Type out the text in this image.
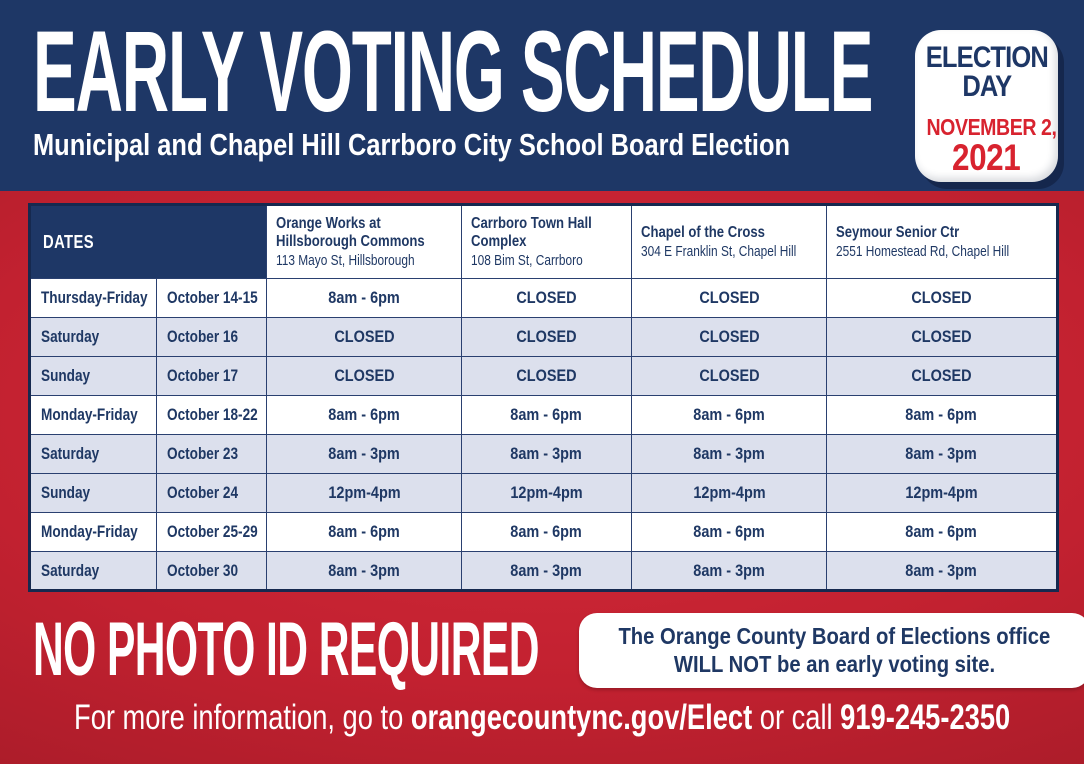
EARLY VOTING SCHEDULE
Municipal and Chapel Hill Carrboro City School Board Election
ELECTION
DAY
NOVEMBER 2,
2021
DATES	
Orange Works at Hillsborough Commons
113 Mayo St, Hillsborough

Carrboro Town Hall Complex
108 Bim St, Carrboro

Chapel of the Cross
304 E Franklin St, Chapel Hill

Seymour Senior Ctr
2551 Homestead Rd, Chapel Hill

Thursday-Friday	October 14-15	8am - 6pm	CLOSED	CLOSED	CLOSED
Saturday	October 16	CLOSED	CLOSED	CLOSED	CLOSED
Sunday	October 17	CLOSED	CLOSED	CLOSED	CLOSED
Monday-Friday	October 18-22	8am - 6pm	8am - 6pm	8am - 6pm	8am - 6pm
Saturday	October 23	8am - 3pm	8am - 3pm	8am - 3pm	8am - 3pm
Sunday	October 24	12pm-4pm	12pm-4pm	12pm-4pm	12pm-4pm
Monday-Friday	October 25-29	8am - 6pm	8am - 6pm	8am - 6pm	8am - 6pm
Saturday	October 30	8am - 3pm	8am - 3pm	8am - 3pm	8am - 3pm
NO PHOTO ID REQUIRED	The Orange County Board of Elections office
WILL NOT be an early voting site.
For more information, go to orangecountync.gov/Elect or call 919-245-2350
